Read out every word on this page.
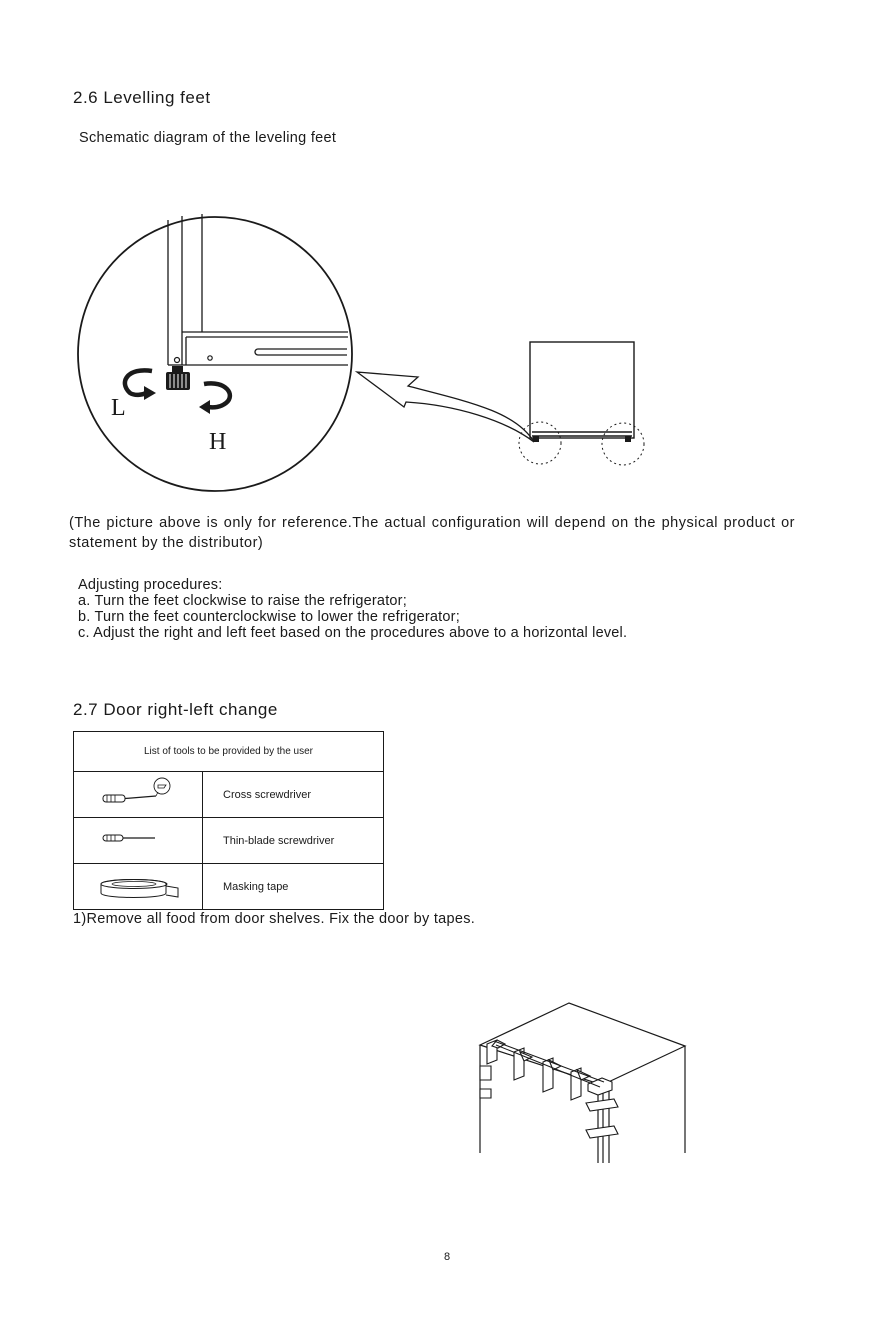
2.6 Levelling feet
Schematic diagram of the leveling feet
L
H
(The picture above is only for reference.The actual configuration will depend on the physical product or statement by the distributor)
Adjusting procedures:
a. Turn the feet clockwise to raise the refrigerator;
b. Turn the feet counterclockwise to lower the refrigerator;
c. Adjust the right and left feet based on the procedures above to a horizontal level.
2.7 Door right-left change
List of tools to be provided by the user	
	Cross screwdriver
	Thin-blade screwdriver
	Masking tape
1)Remove all food from door shelves. Fix the door by tapes.
8
